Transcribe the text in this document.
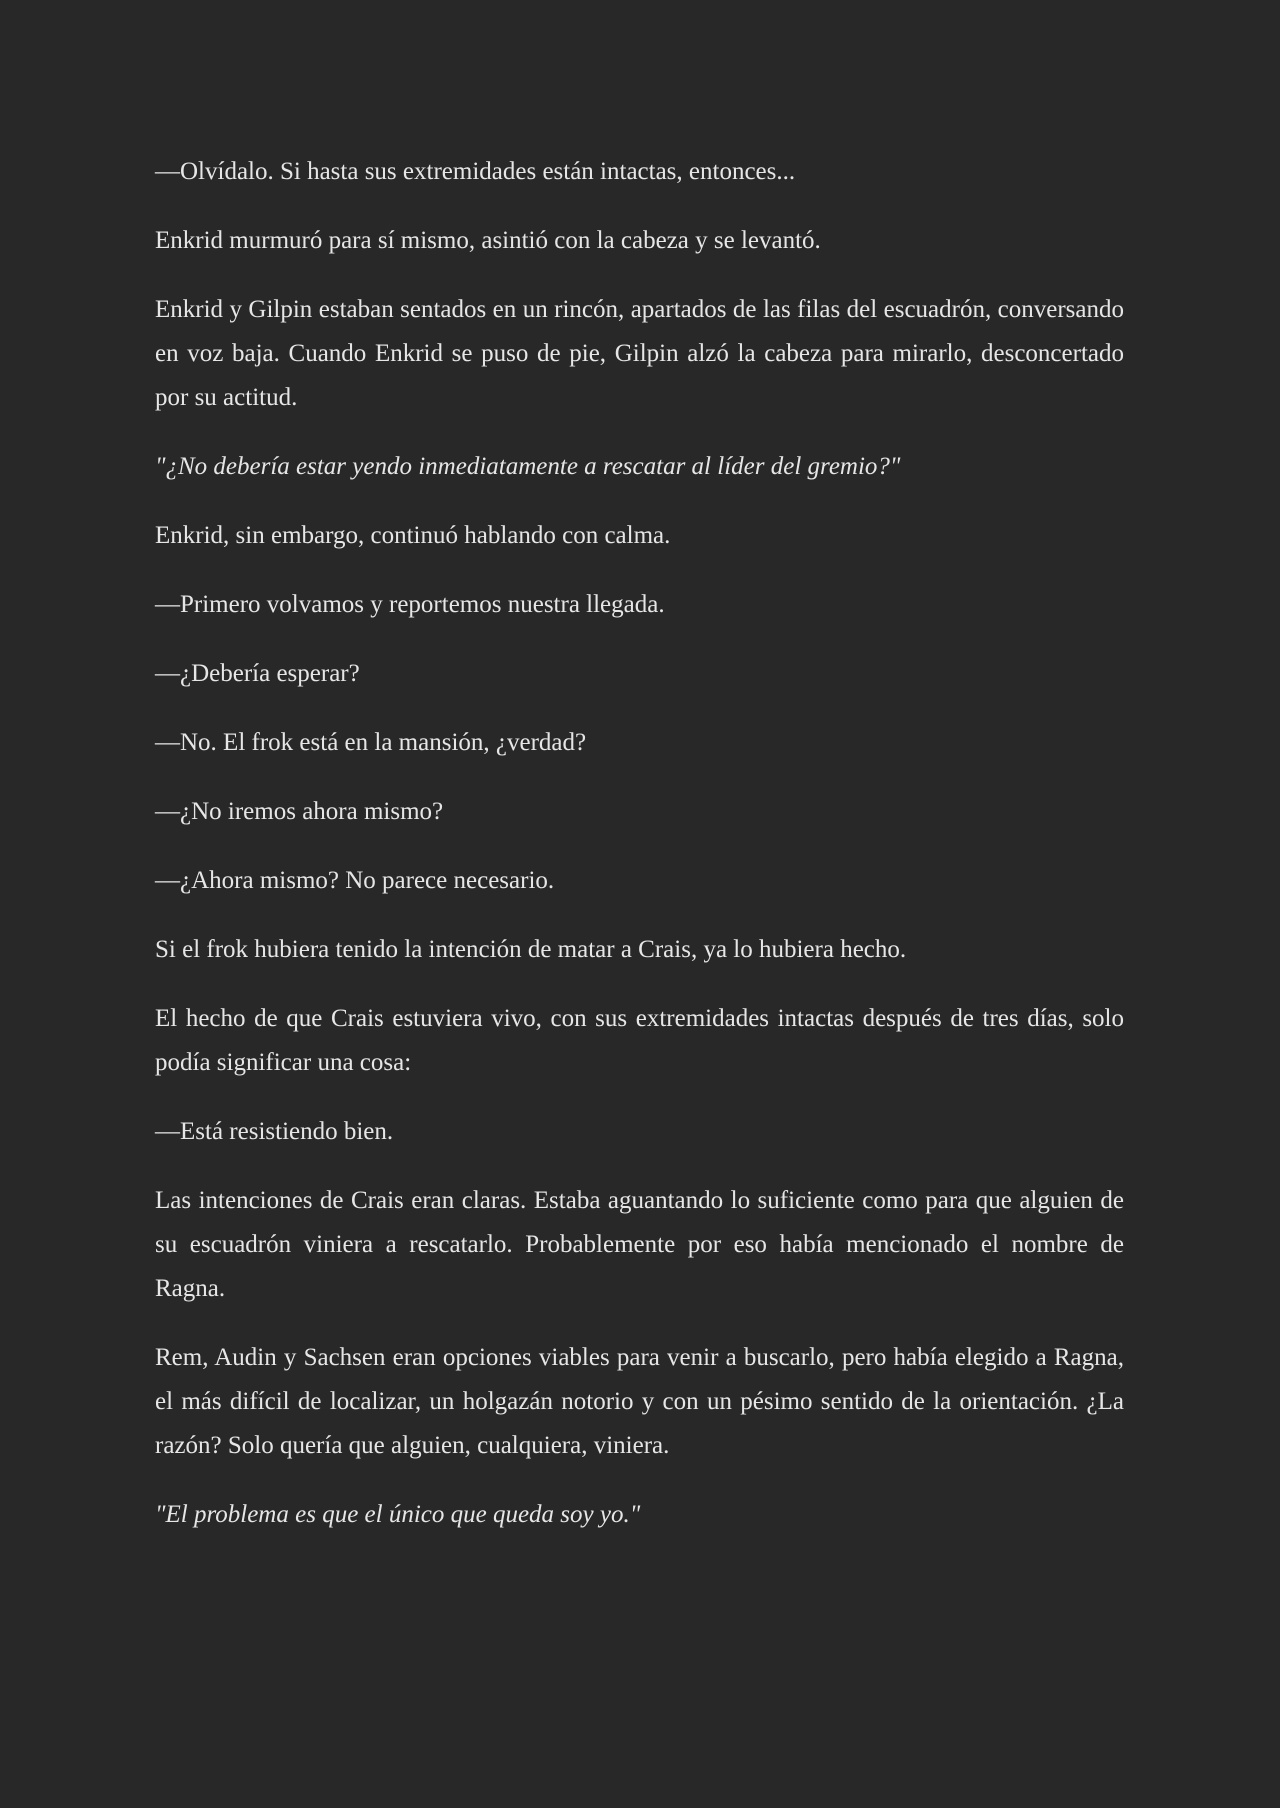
—Olvídalo. Si hasta sus extremidades están intactas, entonces...

Enkrid murmuró para sí mismo, asintió con la cabeza y se levantó.

Enkrid y Gilpin estaban sentados en un rincón, apartados de las filas del escuadrón, conversando en voz baja. Cuando Enkrid se puso de pie, Gilpin alzó la cabeza para mirarlo, desconcertado por su actitud.

"¿No debería estar yendo inmediatamente a rescatar al líder del gremio?"

Enkrid, sin embargo, continuó hablando con calma.

—Primero volvamos y reportemos nuestra llegada.

—¿Debería esperar?

—No. El frok está en la mansión, ¿verdad?

—¿No iremos ahora mismo?

—¿Ahora mismo? No parece necesario.

Si el frok hubiera tenido la intención de matar a Crais, ya lo hubiera hecho.

El hecho de que Crais estuviera vivo, con sus extremidades intactas después de tres días, solo podía significar una cosa:

—Está resistiendo bien.

Las intenciones de Crais eran claras. Estaba aguantando lo suficiente como para que alguien de su escuadrón viniera a rescatarlo. Probablemente por eso había mencionado el nombre de Ragna.

Rem, Audin y Sachsen eran opciones viables para venir a buscarlo, pero había elegido a Ragna, el más difícil de localizar, un holgazán notorio y con un pésimo sentido de la orientación. ¿La razón? Solo quería que alguien, cualquiera, viniera.

"El problema es que el único que queda soy yo."
